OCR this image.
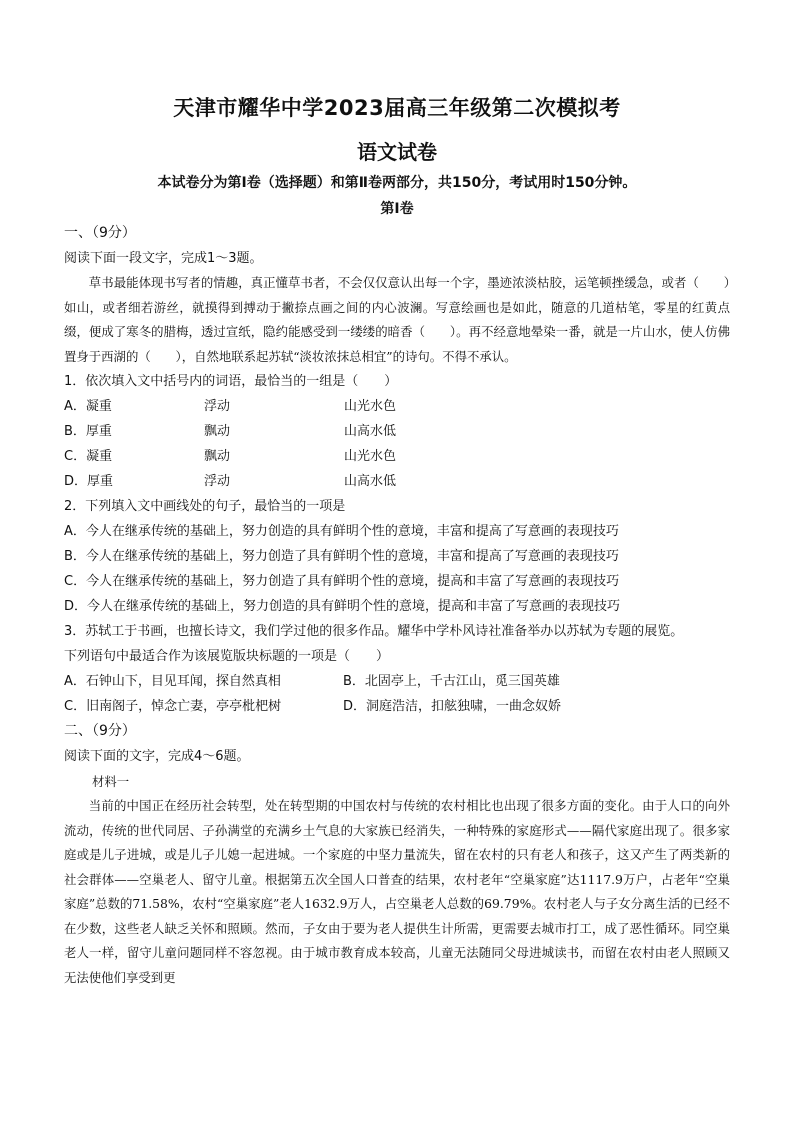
天津市耀华中学2023届高三年级第二次模拟考
语文试卷
本试卷分为第Ⅰ卷（选择题）和第Ⅱ卷两部分，共150分，考试用时150分钟。
第Ⅰ卷
一、（9分）
阅读下面一段文字，完成1～3题。

草书最能体现书写者的情趣，真正懂草书者，不会仅仅意认出每一个字，墨迹浓淡枯胶，运笔顿挫缓急，或者（　　）如山，或者细若游丝，就摸得到搏动于撇捺点画之间的内心波澜。写意绘画也是如此，随意的几道枯笔，零星的红黄点缀，便成了寒冬的腊梅，透过宣纸，隐约能感受到一缕缕的暗香（　　）。再不经意地晕染一番，就是一片山水，使人仿佛置身于西湖的（　　），自然地联系起苏轼“淡妆浓抹总相宜”的诗句。不得不承认。

1．依次填入文中括号内的词语，最恰当的一组是（　　）
A．凝重	浮动	山光水色
B．厚重	飘动	山高水低
C．凝重	飘动	山光水色
D．厚重	浮动	山高水低
2．下列填入文中画线处的句子，最恰当的一项是
A．今人在继承传统的基础上，努力创造的具有鲜明个性的意境，丰富和提高了写意画的表现技巧
B．今人在继承传统的基础上，努力创造了具有鲜明个性的意境，丰富和提高了写意画的表现技巧
C．今人在继承传统的基础上，努力创造了具有鲜明个性的意境，提高和丰富了写意画的表现技巧
D．今人在继承传统的基础上，努力创造的具有鲜明个性的意境，提高和丰富了写意画的表现技巧
3．苏轼工于书画，也擅长诗文，我们学过他的很多作品。耀华中学朴风诗社准备举办以苏轼为专题的展览。
下列语句中最适合作为该展览版块标题的一项是（　　）
A．石钟山下，目见耳闻，探自然真相	B．北固亭上，千古江山，觅三国英雄
C．旧南阁子，悼念亡妻，亭亭枇杷树	D．洞庭浩洁，扣舷独啸，一曲念奴娇
二、（9分）
阅读下面的文字，完成4～6题。
材料一

当前的中国正在经历社会转型，处在转型期的中国农村与传统的农村相比也出现了很多方面的变化。由于人口的向外流动，传统的世代同居、子孙满堂的充满乡土气息的大家族已经消失，一种特殊的家庭形式——隔代家庭出现了。很多家庭或是儿子进城，或是儿子儿媳一起进城。一个家庭的中坚力量流失，留在农村的只有老人和孩子，这又产生了两类新的社会群体——空巢老人、留守儿童。根据第五次全国人口普查的结果，农村老年“空巢家庭”达1117.9万户，占老年“空巢家庭”总数的71.58%，农村“空巢家庭”老人1632.9万人，占空巢老人总数的69.79%。农村老人与子女分离生活的已经不在少数，这些老人缺乏关怀和照顾。然而，子女由于要为老人提供生计所需，更需要去城市打工，成了恶性循环。同空巢老人一样，留守儿童问题同样不容忽视。由于城市教育成本较高，儿童无法随同父母进城读书，而留在农村由老人照顾又无法使他们享受到更
